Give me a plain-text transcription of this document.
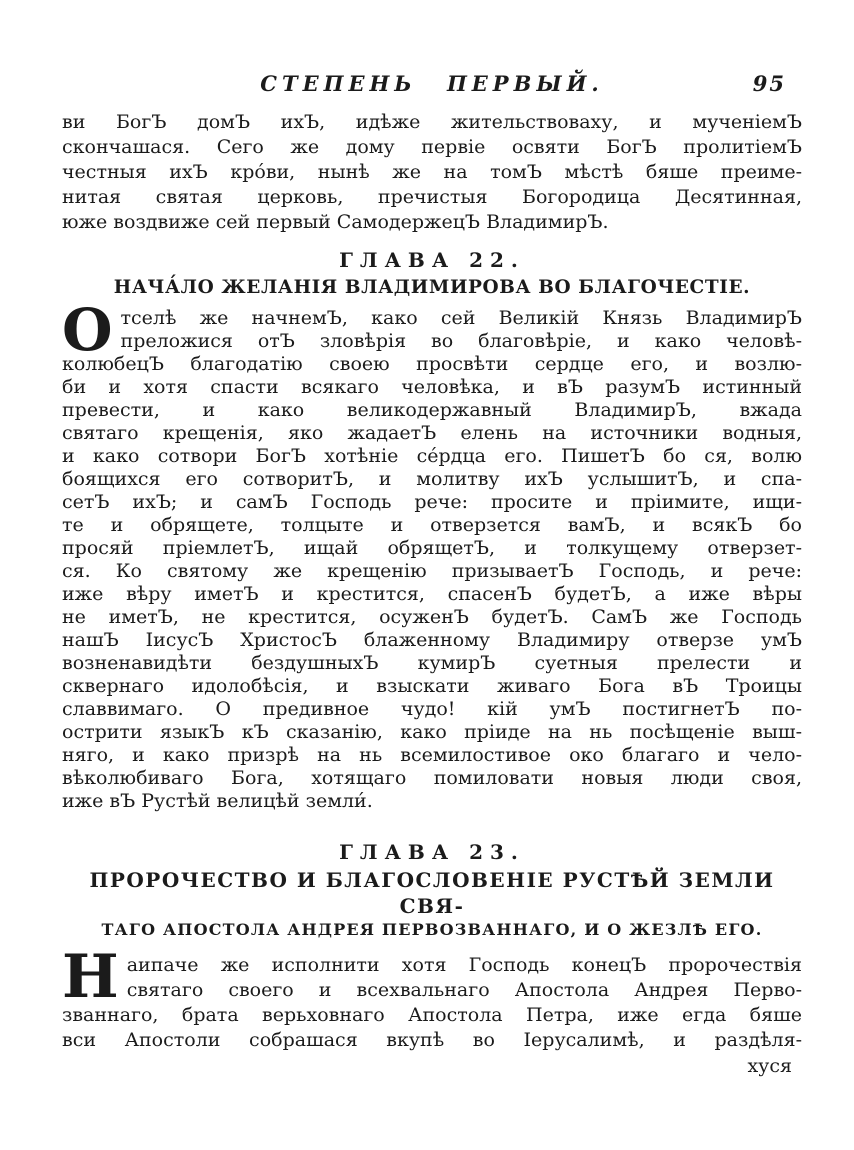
СТЕПЕНЬ ПЕРВЫЙ.	95
ви БогЪ домЪ ихЪ, идѣже жительствоваху, и мученіемЪ
скончашася. Сего же дому первіе освяти БогЪ пролитіемЪ
честныя ихЪ кро́ви, нынѣ же на томЪ мѣстѣ бяше преиме-
нитая святая церковь, пречистыя Богородица Десятинная,
юже воздвиже сей первый СамодержецЪ ВладимирЪ.
ГЛАВА 22.
НАЧА́ЛО ЖЕЛАНІЯ ВЛАДИМИРОВА ВО БЛАГОЧЕСТІЕ.
О тселѣ же начнемЪ, како сей Великій Князь ВладимирЪ
преложися отЪ зловѣрія во благовѣріе, и како человѣ-
колюбецЪ благодатію своею просвѣти сердце его, и возлю-
би и хотя спасти всякаго человѣка, и вЪ разумЪ истинный
превести, и како великодержавный ВладимирЪ, вжада
святаго крещенія, яко жадаетЪ елень на источники водныя,
и како сотвори БогЪ хотѣніе се́рдца его. ПишетЪ бо ся, волю
боящихся его сотворитЪ, и молитву ихЪ услышитЪ, и спа-
сетЪ ихЪ; и самЪ Господь рече: просите и пріимите, ищи-
те и обрящете, толцыте и отверзется вамЪ, и всякЪ бо
просяй пріемлетЪ, ищай обрящетЪ, и толкущему отверзет-
ся. Ко святому же крещенію призываетЪ Господь, и рече:
иже вѣру иметЪ и крестится, спасенЪ будетЪ, а иже вѣры
не иметЪ, не крестится, осуженЪ будетЪ. СамЪ же Господь
нашЪ ІисусЪ ХристосЪ блаженному Владимиру отверзе умЪ
возненавидѣти бездушныхЪ кумирЪ суетныя прелести и
сквернаго идолобѣсія, и взыскати живаго Бога вЪ Троицы
славвимаго. О предивное чудо! кій умЪ постигнетЪ по-
острити языкЪ кЪ сказанію, како пріиде на нь посѣщеніе выш-
няго, и како призрѣ на нь всемилостивое око благаго и чело-
вѣколюбиваго Бога, хотящаго помиловати новыя люди своя,
иже вЪ Рустѣй велицѣй земли́.
ГЛАВА 23.
ПРОРОЧЕСТВО И БЛАГОСЛОВЕНІЕ РУСТѢЙ ЗЕМЛИ СВЯ-
ТАГО АПОСТОЛА АНДРЕЯ ПЕРВОЗВАННАГО, И О ЖЕЗЛѢ ЕГО.
Н аипаче же исполнити хотя Господь конецЪ пророчествія
святаго своего и всехвальнаго Апостола Андрея Перво-
званнаго, брата верьховнаго Апостола Петра, иже егда бяше
вси Апостоли собрашася вкупѣ во Іерусалимѣ, и раздѣля-
хуся
